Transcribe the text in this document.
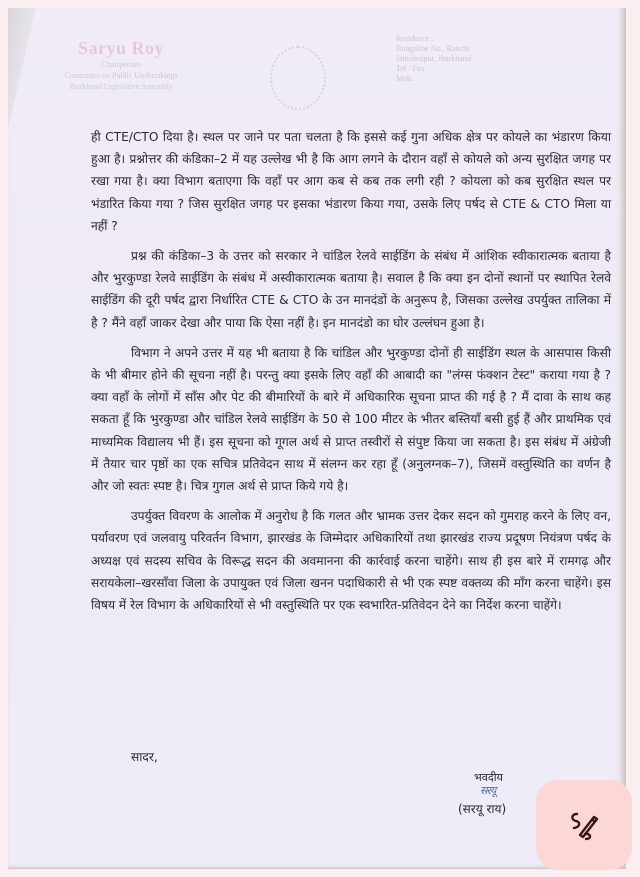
Saryu Roy
Chairperson
Committee on Public Undertakings
Jharkhand Legislative Assembly
Residence :
Bungalow No., Ranchi
Jamshedpur, Jharkhand
Tel / Fax
Mob.

ही CTE/CTO दिया है। स्थल पर जाने पर पता चलता है कि इससे कई गुना अधिक क्षेत्र पर कोयले का भंडारण किया हुआ है। प्रश्नोत्तर की कंडिका–2 में यह उल्लेख भी है कि आग लगने के दौरान वहाँ से कोयले को अन्य सुरक्षित जगह पर रखा गया है। क्या विभाग बताएगा कि वहाँ पर आग कब से कब तक लगी रही ? कोयला को कब सुरक्षित स्थल पर भंडारित किया गया ? जिस सुरक्षित जगह पर इसका भंडारण किया गया, उसके लिए पर्षद से CTE & CTO मिला या नहीं ?

प्रश्न की कंडिका–3 के उत्तर को सरकार ने चांडिल रेलवे साईडिंग के संबंध में आंशिक स्वीकारात्मक बताया है और भुरकुण्डा रेलवे साईडिंग के संबंध में अस्वीकारात्मक बताया है। सवाल है कि क्या इन दोनों स्थानों पर स्थापित रेलवे साईडिंग की दूरी पर्षद द्वारा निर्धारित CTE & CTO के उन मानदंडों के अनुरूप है, जिसका उल्लेख उपर्युक्त तालिका में है ? मैंने वहाँ जाकर देखा और पाया कि ऐसा नहीं है। इन मानदंडो का घोर उल्लंघन हुआ है।

विभाग ने अपने उत्तर में यह भी बताया है कि चांडिल और भुरकुण्डा दोनों ही साईडिंग स्थल के आसपास किसी के भी बीमार होने की सूचना नहीं है। परन्तु क्या इसके लिए वहाँ की आबादी का "लंग्स फंक्शन टेस्ट" कराया गया है ? क्या वहाँ के लोगों में साँस और पेट की बीमारियों के बारे में अधिकारिक सूचना प्राप्त की गई है ? मैं दावा के साथ कह सकता हूँ कि भुरकुण्डा और चांडिल रेलवे साईडिंग के 50 से 100 मीटर के भीतर बस्तियाँ बसी हुई हैं और प्राथमिक एवं माध्यमिक विद्यालय भी हैं। इस सूचना को गूगल अर्थ से प्राप्त तस्वीरों से संपुष्ट किया जा सकता है। इस संबंध में अंग्रेजी में तैयार चार पृष्ठों का एक सचित्र प्रतिवेदन साथ में संलग्न कर रहा हूँ (अनुलग्नक–7), जिसमें वस्तुस्थिति का वर्णन है और जो स्वतः स्पष्ट है। चित्र गुगल अर्थ से प्राप्त किये गये है।

उपर्युक्त विवरण के आलोक में अनुरोध है कि गलत और भ्रामक उत्तर देकर सदन को गुमराह करने के लिए वन, पर्यावरण एवं जलवायु परिवर्तन विभाग, झारखंड के जिम्मेदार अधिकारियों तथा झारखंड राज्य प्रदूषण नियंत्रण पर्षद के अध्यक्ष एवं सदस्य सचिव के विरूद्ध सदन की अवमानना की कार्रवाई करना चाहेंगे। साथ ही इस बारे में रामगढ़ और सरायकेला–खरसाँवा जिला के उपायुक्त एवं जिला खनन पदाधिकारी से भी एक स्पष्ट वक्तव्य की माँग करना चाहेंगे। इस विषय में रेल विभाग के अधिकारियों से भी वस्तुस्थिति पर एक स्वभारित-प्रतिवेदन देने का निर्देश करना चाहेंगे।

सादर,
भवदीय
सरयू
(सरयू राय)
